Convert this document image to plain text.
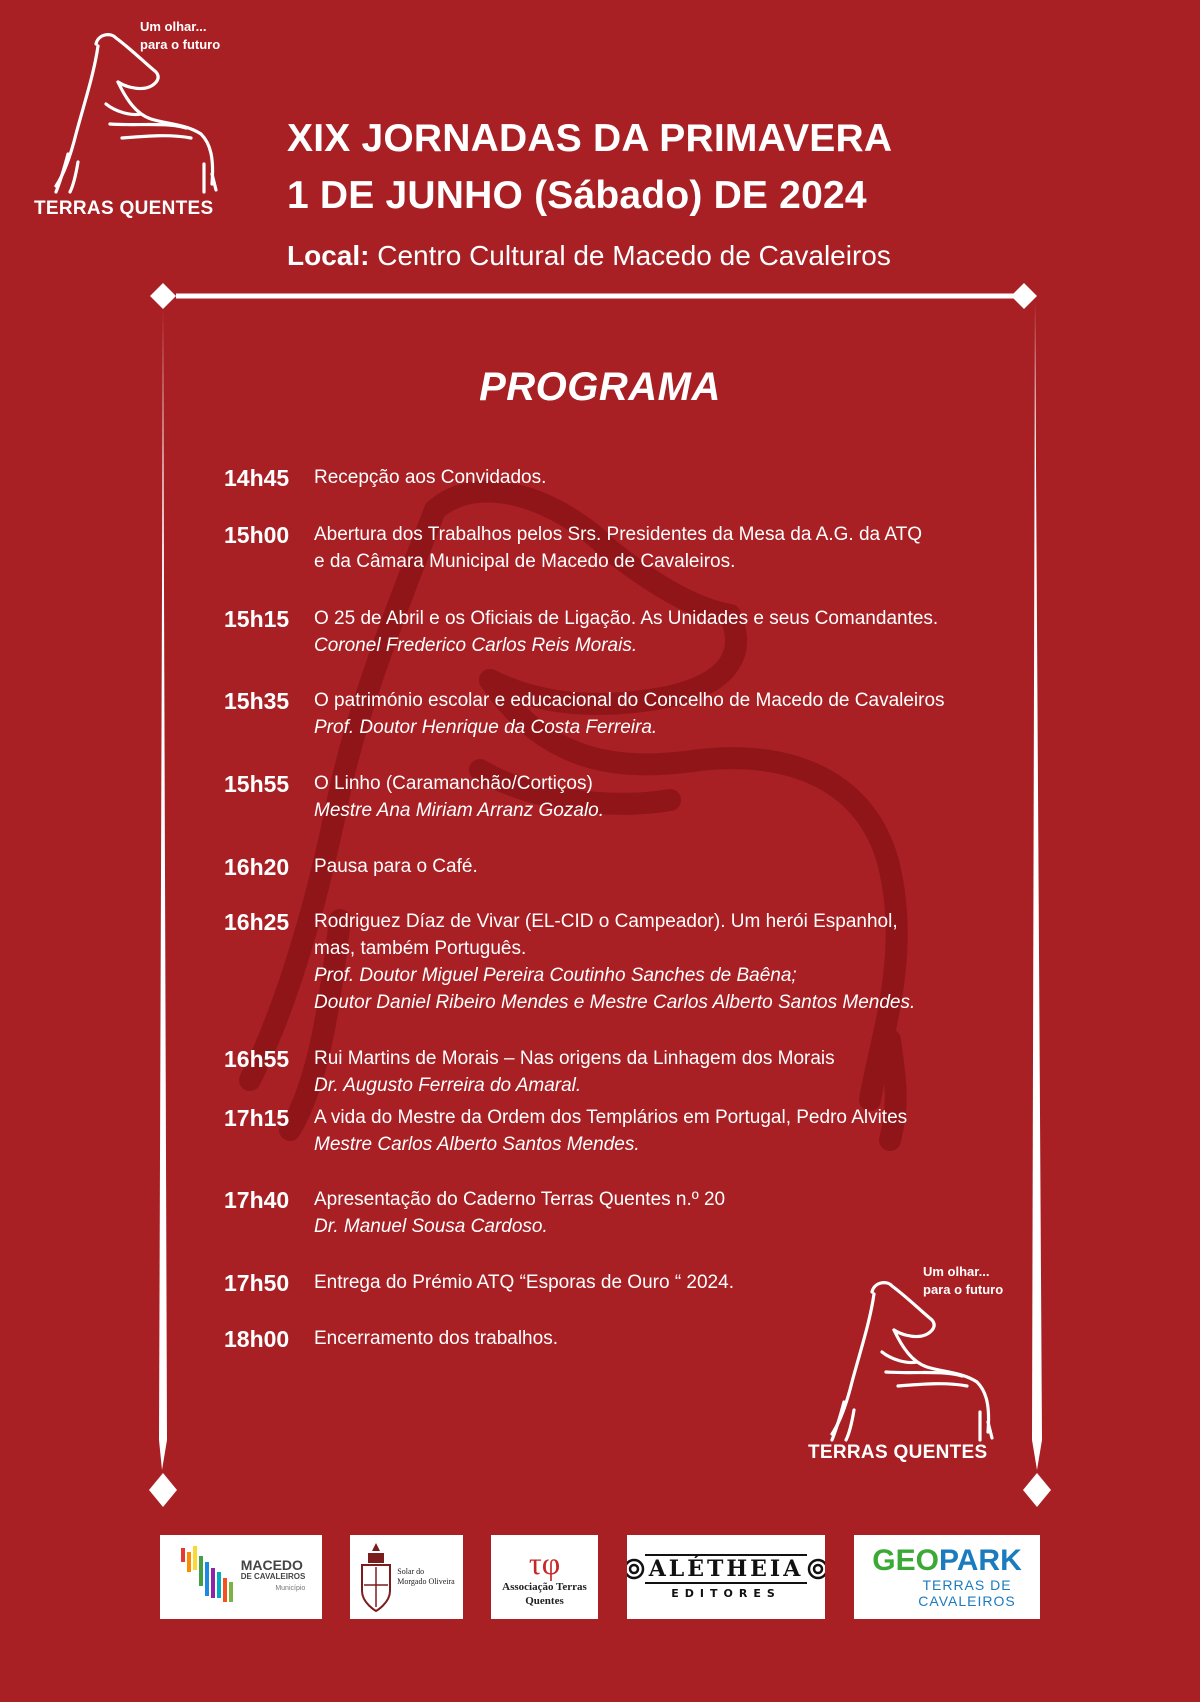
Um olhar...
para o futuro
TERRAS QUENTES
XIX JORNADAS DA PRIMAVERA
1 DE JUNHO (Sábado) DE 2024
Local: Centro Cultural de Macedo de Cavaleiros
PROGRAMA
14h45 Recepção aos Convidados.
15h00 Abertura dos Trabalhos pelos Srs. Presidentes da Mesa da A.G. da ATQ
e da Câmara Municipal de Macedo de Cavaleiros.
15h15 O 25 de Abril e os Oficiais de Ligação. As Unidades e seus Comandantes.
Coronel Frederico Carlos Reis Morais.
15h35 O património escolar e educacional do Concelho de Macedo de Cavaleiros
Prof. Doutor Henrique da Costa Ferreira.
15h55 O Linho (Caramanchão/Cortiços)
Mestre Ana Miriam Arranz Gozalo.
16h20 Pausa para o Café.
16h25 Rodriguez Díaz de Vivar (EL-CID o Campeador). Um herói Espanhol,
mas, também Português.
Prof. Doutor Miguel Pereira Coutinho Sanches de Baêna;
Doutor Daniel Ribeiro Mendes e Mestre Carlos Alberto Santos Mendes.
16h55 Rui Martins de Morais – Nas origens da Linhagem dos Morais
Dr. Augusto Ferreira do Amaral.
17h15 A vida do Mestre da Ordem dos Templários em Portugal, Pedro Alvites
Mestre Carlos Alberto Santos Mendes.
17h40 Apresentação do Caderno Terras Quentes n.º 20
Dr. Manuel Sousa Cardoso.
17h50 Entrega do Prémio ATQ “Esporas de Ouro “ 2024.
18h00 Encerramento dos trabalhos.
Um olhar...
para o futuro
TERRAS QUENTES
MACEDO
DE CAVALEIROS
Município
Solar do
Morgado Oliveira
τφ
Associação Terras
Quentes
ALÉTHEIA
EDITORES
GEOPARK
TERRAS DE
CAVALEIROS
